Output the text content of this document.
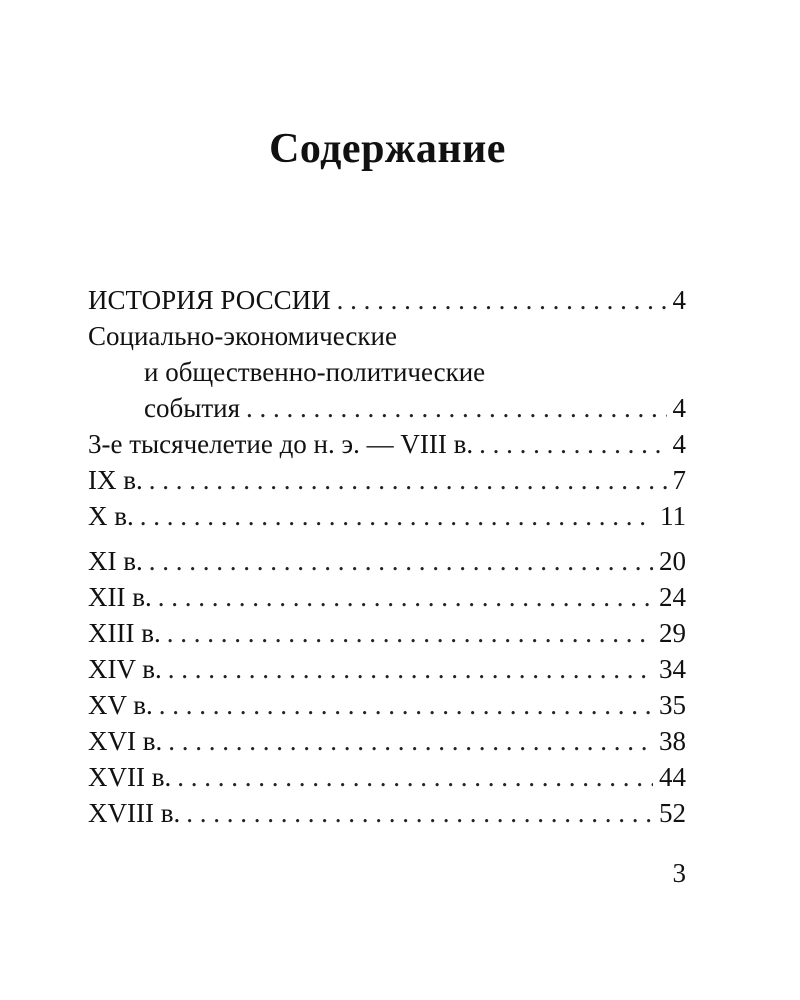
Содержание
ИСТОРИЯ РОССИИ . . .	4
Социально-экономические
и общественно-политические
события . . .	4
3-е тысячелетие до н. э. — VIII в. . . .	4
IX в. . . .	7
X в. . . .	11
XI в. . . .	20
XII в. . . .	24
XIII в. . . .	29
XIV в. . . .	34
XV в. . . .	35
XVI в. . . .	38
XVII в. . . .	44
XVIII в. . . .	52
3
